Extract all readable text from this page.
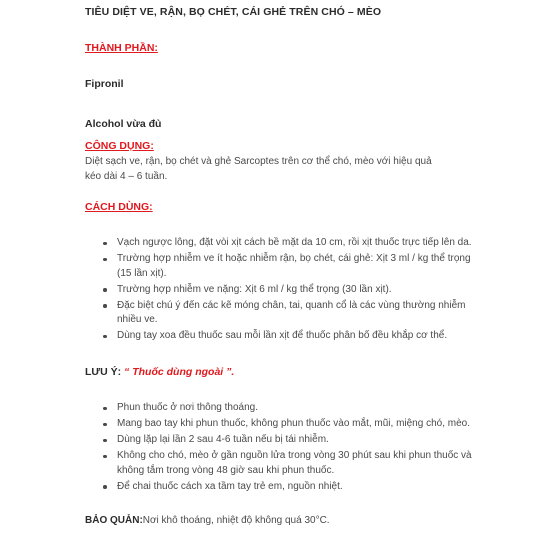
TIÊU DIỆT VE, RẬN, BỌ CHÉT, CÁI GHẺ TRÊN CHÓ – MÈO
THÀNH PHẦN:
Fipronil
Alcohol vừa đủ
CÔNG DỤNG:
Diệt sạch ve, rận, bọ chét và ghẻ Sarcoptes trên cơ thể chó, mèo với hiệu quả kéo dài 4 – 6 tuần.
CÁCH DÙNG:
Vạch ngược lông, đặt vòi xịt cách bề mặt da 10 cm, rồi xịt thuốc trực tiếp lên da.
Trường hợp nhiễm ve ít hoặc nhiễm rận, bọ chét, cái ghẻ: Xịt 3 ml / kg thể trọng (15 lần xịt).
Trường hợp nhiễm ve nặng: Xịt 6 ml / kg thể trọng (30 lần xịt).
Đặc biệt chú ý đến các kẽ móng chân, tai, quanh cổ là các vùng thường nhiễm nhiều ve.
Dùng tay xoa đều thuốc sau mỗi lần xịt để thuốc phân bố đều khắp cơ thể.
LƯU Ý: “ Thuốc dùng ngoài ”.
Phun thuốc ở nơi thông thoáng.
Mang bao tay khi phun thuốc, không phun thuốc vào mắt, mũi, miệng chó, mèo.
Dùng lặp lại lần 2 sau 4-6 tuần nếu bị tái nhiễm.
Không cho chó, mèo ở gần nguồn lửa trong vòng 30 phút sau khi phun thuốc và không tắm trong vòng 48 giờ sau khi phun thuốc.
Để chai thuốc cách xa tầm tay trẻ em, nguồn nhiệt.
BẢO QUẢN:Nơi khô thoáng, nhiệt độ không quá 30°C.
